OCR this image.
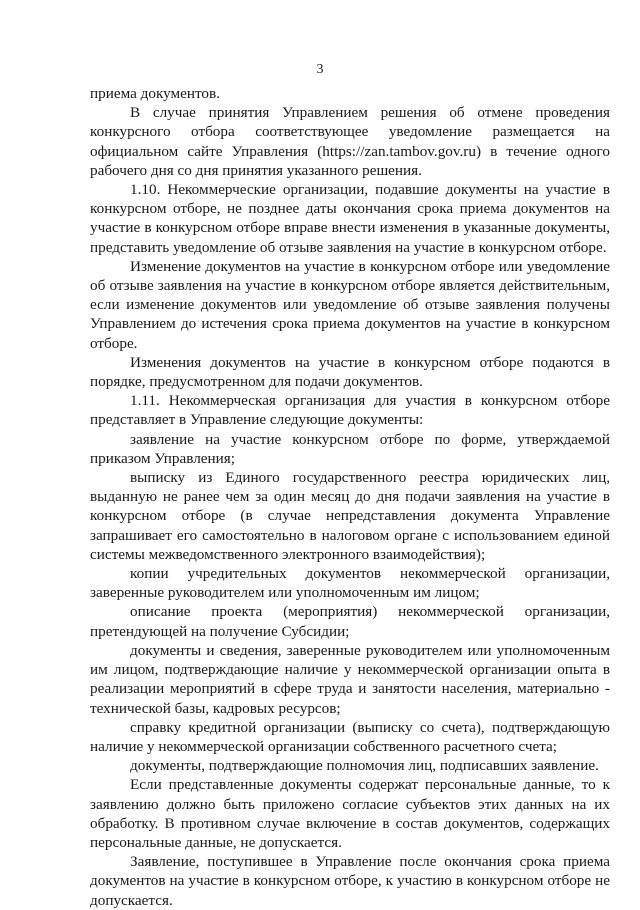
3

приема документов.

В случае принятия Управлением решения об отмене проведения конкурсного отбора соответствующее уведомление размещается на официальном сайте Управления (https://zan.tambov.gov.ru) в течение одного рабочего дня со дня принятия указанного решения.

1.10. Некоммерческие организации, подавшие документы на участие в конкурсном отборе, не позднее даты окончания срока приема документов на участие в конкурсном отборе вправе внести изменения в указанные документы, представить уведомление об отзыве заявления на участие в конкурсном отборе.

Изменение документов на участие в конкурсном отборе или уведомление об отзыве заявления на участие в конкурсном отборе является действительным, если изменение документов или уведомление об отзыве заявления получены Управлением до истечения срока приема документов на участие в конкурсном отборе.

Изменения документов на участие в конкурсном отборе подаются в порядке, предусмотренном для подачи документов.

1.11. Некоммерческая организация для участия в конкурсном отборе представляет в Управление следующие документы:

заявление на участие конкурсном отборе по форме, утверждаемой приказом Управления;

выписку из Единого государственного реестра юридических лиц, выданную не ранее чем за один месяц до дня подачи заявления на участие в конкурсном отборе (в случае непредставления документа Управление запрашивает его самостоятельно в налоговом органе с использованием единой системы межведомственного электронного взаимодействия);

копии учредительных документов некоммерческой организации, заверенные руководителем или уполномоченным им лицом;

описание проекта (мероприятия) некоммерческой организации, претендующей на получение Субсидии;

документы и сведения, заверенные руководителем или уполномоченным им лицом, подтверждающие наличие у некоммерческой организации опыта в реализации мероприятий в сфере труда и занятости населения, материально - технической базы, кадровых ресурсов;

справку кредитной организации (выписку со счета), подтверждающую наличие у некоммерческой организации собственного расчетного счета;

документы, подтверждающие полномочия лиц, подписавших заявление.

Если представленные документы содержат персональные данные, то к заявлению должно быть приложено согласие субъектов этих данных на их обработку. В противном случае включение в состав документов, содержащих персональные данные, не допускается.

Заявление, поступившее в Управление после окончания срока приема документов на участие в конкурсном отборе, к участию в конкурсном отборе не допускается.
